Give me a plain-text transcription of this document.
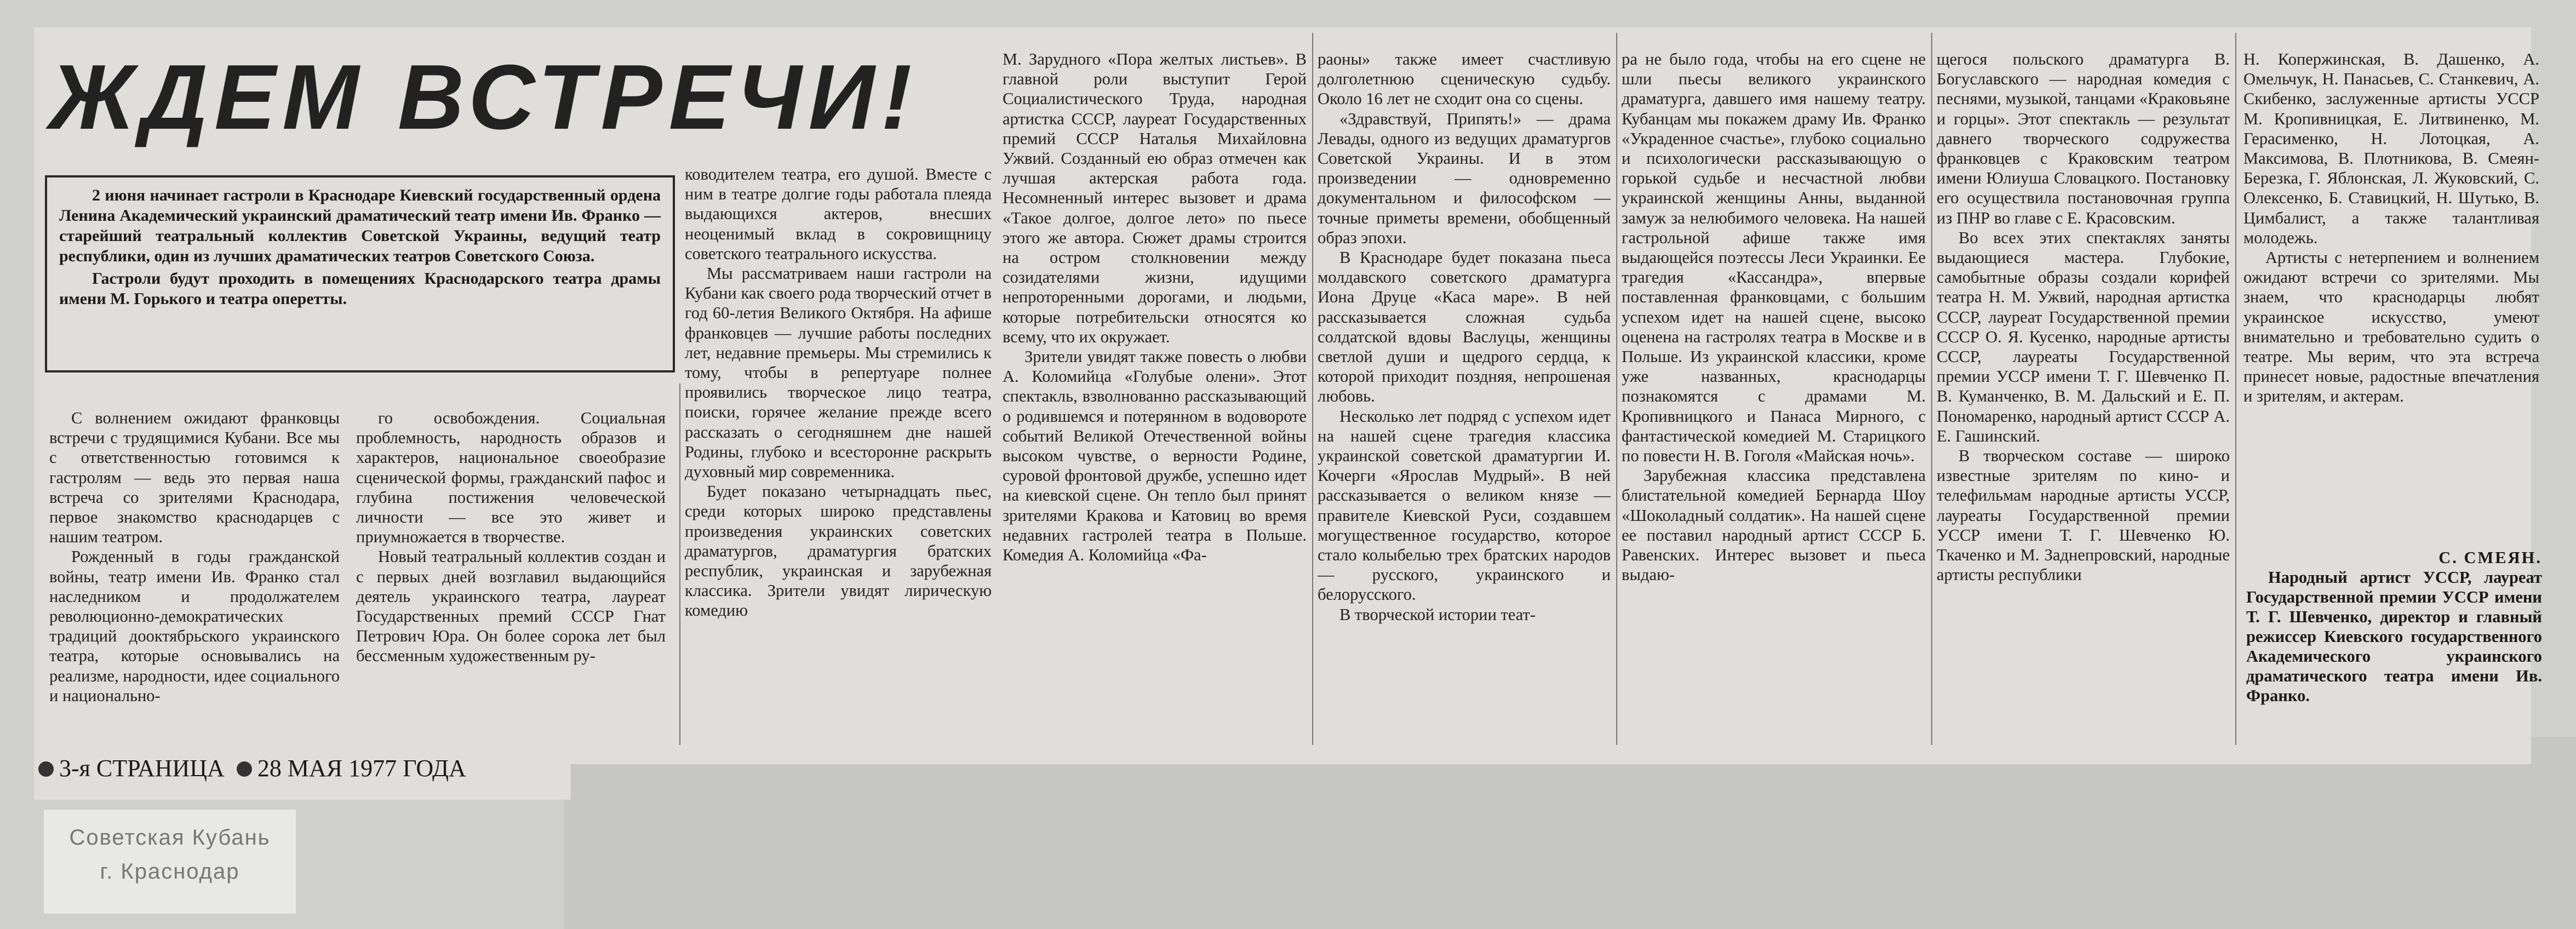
ЖДЕМ ВСТРЕЧИ!

2 июня начинает гастроли в Краснодаре Киевский государственный ордена Ленина Академический украинский драматический театр имени Ив. Франко — старейший театральный коллектив Советской Украины, ведущий театр республики, один из лучших драматических театров Советского Союза.

Гастроли будут проходить в помещениях Краснодарского театра драмы имени М. Горького и театра оперетты.

С волнением ожидают франковцы встречи с трудящимися Кубани. Все мы с ответственностью готовимся к гастролям — ведь это первая наша встреча со зрителями Краснодара, первое знакомство краснодарцев с нашим театром.

Рожденный в годы гражданской войны, театр имени Ив. Франко стал наследником и продолжателем революционно-демократических традиций дооктябрьского украинского театра, которые основывались на реализме, народности, идее социального и национально-

го освобождения. Социальная проблемность, народность образов и характеров, национальное своеобразие сценической формы, гражданский пафос и глубина постижения человеческой личности — все это живет и приумножается в творчестве.

Новый театральный коллектив создан и с первых дней возглавил выдающийся деятель украинского театра, лауреат Государственных премий СССР Гнат Петрович Юра. Он более сорока лет был бессменным художественным ру-

ководителем театра, его душой. Вместе с ним в театре долгие годы работала плеяда выдающихся актеров, внесших неоценимый вклад в сокровищницу советского театрального искусства.

Мы рассматриваем наши гастроли на Кубани как своего рода творческий отчет в год 60-летия Великого Октября. На афише франковцев — лучшие работы последних лет, недавние премьеры. Мы стремились к тому, чтобы в репертуаре полнее проявились творческое лицо театра, поиски, горячее желание прежде всего рассказать о сегодняшнем дне нашей Родины, глубоко и всесторонне раскрыть духовный мир современника.

Будет показано четырнадцать пьес, среди которых широко представлены произведения украинских советских драматургов, драматургия братских республик, украинская и зарубежная классика. Зрители увидят лирическую комедию

М. Зарудного «Пора желтых листьев». В главной роли выступит Герой Социалистического Труда, народная артистка СССР, лауреат Государственных премий СССР Наталья Михайловна Ужвий. Созданный ею образ отмечен как лучшая актерская работа года. Несомненный интерес вызовет и драма «Такое долгое, долгое лето» по пьесе этого же автора. Сюжет драмы строится на остром столкновении между созидателями жизни, идущими непроторенными дорогами, и людьми, которые потребительски относятся ко всему, что их окружает.

Зрители увидят также повесть о любви А. Коломийца «Голубые олени». Этот спектакль, взволнованно рассказывающий о родившемся и потерянном в водовороте событий Великой Отечественной войны высоком чувстве, о верности Родине, суровой фронтовой дружбе, успешно идет на киевской сцене. Он тепло был принят зрителями Кракова и Катовиц во время недавних гастролей театра в Польше. Комедия А. Коломийца «Фа-

раоны» также имеет счастливую долголетнюю сценическую судьбу. Около 16 лет не сходит она со сцены.

«Здравствуй, Припять!» — драма Левады, одного из ведущих драматургов Советской Украины. И в этом произведении — одновременно документальном и философском — точные приметы времени, обобщенный образ эпохи.

В Краснодаре будет показана пьеса молдавского советского драматурга Иона Друце «Каса маре». В ней рассказывается сложная судьба солдатской вдовы Васлуцы, женщины светлой души и щедрого сердца, к которой приходит поздняя, непрошеная любовь.

Несколько лет подряд с успехом идет на нашей сцене трагедия классика украинской советской драматургии И. Кочерги «Ярослав Мудрый». В ней рассказывается о великом князе — правителе Киевской Руси, создавшем могущественное государство, которое стало колыбелью трех братских народов — русского, украинского и белорусского.

В творческой истории теат-

ра не было года, чтобы на его сцене не шли пьесы великого украинского драматурга, давшего имя нашему театру. Кубанцам мы покажем драму Ив. Франко «Украденное счастье», глубоко социально и психологически рассказывающую о горькой судьбе и несчастной любви украинской женщины Анны, выданной замуж за нелюбимого человека. На нашей гастрольной афише также имя выдающейся поэтессы Леси Украинки. Ее трагедия «Кассандра», впервые поставленная франковцами, с большим успехом идет на нашей сцене, высоко оценена на гастролях театра в Москве и в Польше. Из украинской классики, кроме уже названных, краснодарцы познакомятся с драмами М. Кропивницкого и Панаса Мирного, с фантастической комедией М. Старицкого по повести Н. В. Гоголя «Майская ночь».

Зарубежная классика представлена блистательной комедией Бернарда Шоу «Шоколадный солдатик». На нашей сцене ее поставил народный артист СССР Б. Равенских. Интерес вызовет и пьеса выдаю-

щегося польского драматурга В. Богуславского — народная комедия с песнями, музыкой, танцами «Краковьяне и горцы». Этот спектакль — результат давнего творческого содружества франковцев с Краковским театром имени Юлиуша Словацкого. Постановку его осуществила постановочная группа из ПНР во главе с Е. Красовским.

Во всех этих спектаклях заняты выдающиеся мастера. Глубокие, самобытные образы создали корифей театра Н. М. Ужвий, народная артистка СССР, лауреат Государственной премии СССР О. Я. Кусенко, народные артисты СССР, лауреаты Государственной премии УССР имени Т. Г. Шевченко П. В. Куманченко, В. М. Дальский и Е. П. Пономаренко, народный артист СССР А. Е. Гашинский.

В творческом составе — широко известные зрителям по кино- и телефильмам народные артисты УССР, лауреаты Государственной премии УССР имени Т. Г. Шевченко Ю. Ткаченко и М. Заднепровский, народные артисты республики

Н. Копержинская, В. Дашенко, А. Омельчук, Н. Панасьев, С. Станкевич, А. Скибенко, заслуженные артисты УССР М. Кропивницкая, Е. Литвиненко, М. Герасименко, Н. Лотоцкая, А. Максимова, В. Плотникова, В. Смеян-Березка, Г. Яблонская, Л. Жуковский, С. Олексенко, Б. Ставицкий, Н. Шутько, В. Цимбалист, а также талантливая молодежь.

Артисты с нетерпением и волнением ожидают встречи со зрителями. Мы знаем, что краснодарцы любят украинское искусство, умеют внимательно и требовательно судить о театре. Мы верим, что эта встреча принесет новые, радостные впечатления и зрителям, и актерам.

С. СМЕЯН.
Народный артист УССР, лауреат Государственной премии УССР имени Т. Г. Шевченко, директор и главный режиссер Киевского государственного Академического украинского драматического театра имени Ив. Франко.
3-я СТРАНИЦА 28 МАЯ 1977 ГОДА
Советская Кубань
г. Краснодар
